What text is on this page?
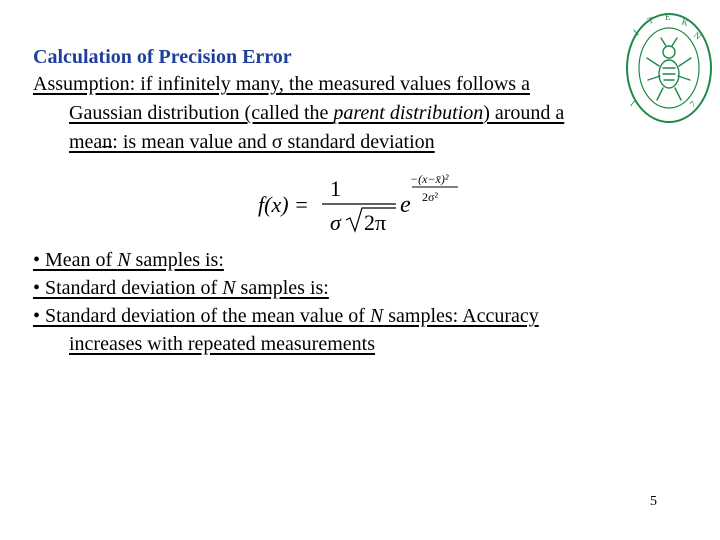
Calculation of Precision Error
Assumption: if infinitely many, the measured values follows a
Gaussian distribution (called the parent distribution) around a
mean: is mean value and σ standard deviation
f(x) =
1
σ 2π
e
−(x−x̄)²
2σ²
• Mean of N samples is:
• Standard deviation of N samples is:
• Standard deviation of the mean value of N samples: Accuracy
increases with repeated measurements
5
İ
T E K
N
1	7
